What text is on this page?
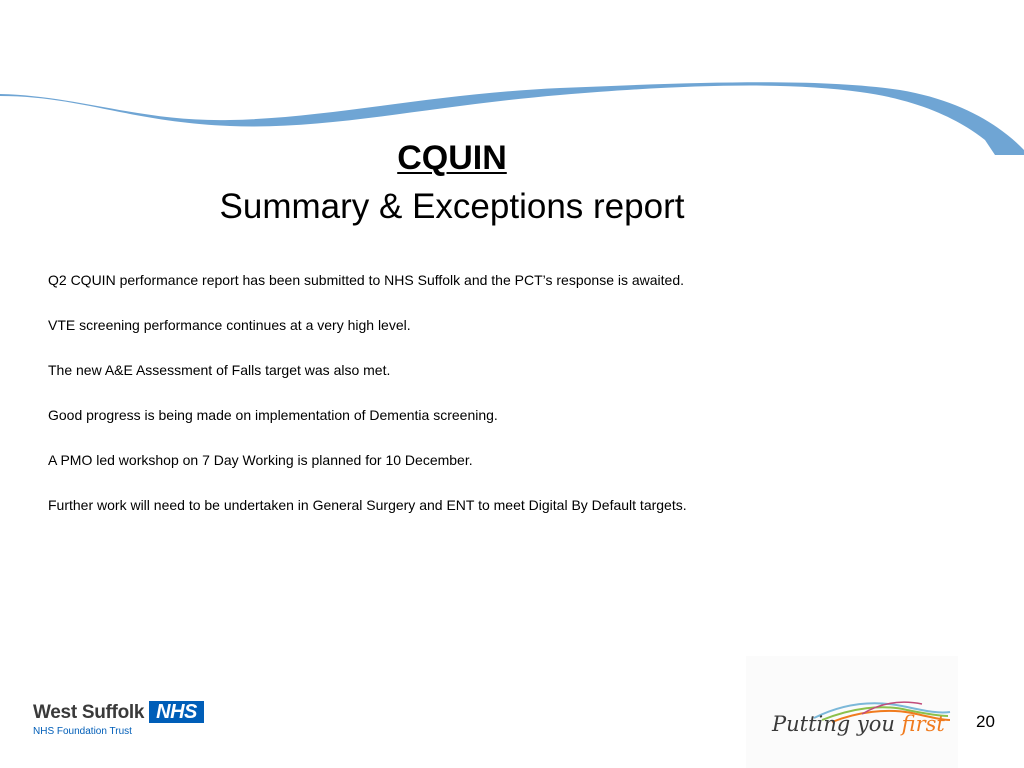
CQUIN
Summary & Exceptions report
Q2 CQUIN performance report has been submitted to NHS Suffolk and the PCT’s response is awaited.
VTE screening performance continues at a very high level.
The new A&E Assessment of Falls target was also met.
Good progress is being made on implementation of Dementia screening.
A PMO led workshop on 7 Day Working is planned for 10 December.
Further work will need to be undertaken in General Surgery and ENT to meet Digital By Default targets.
West Suffolk NHS
NHS Foundation Trust	Putting you first 20
